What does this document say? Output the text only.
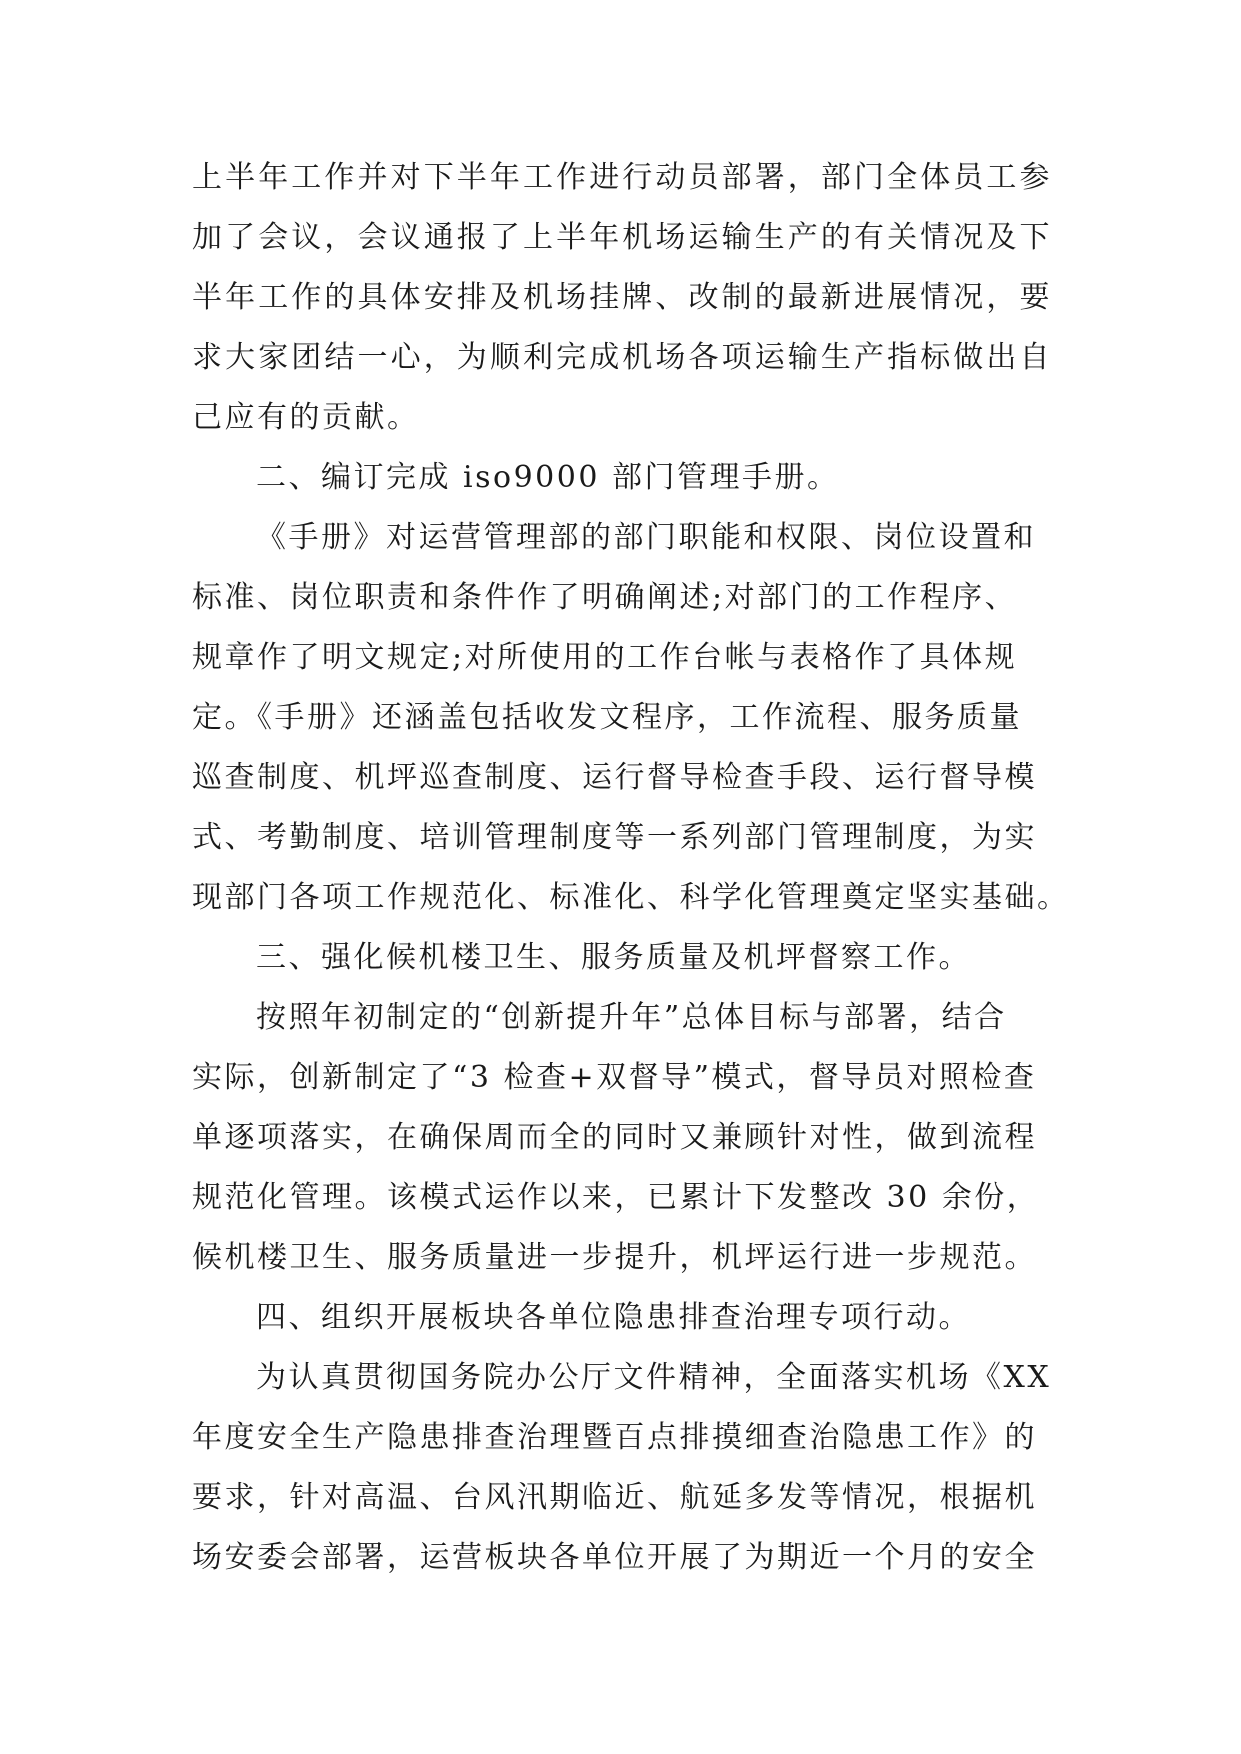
上半年工作并对下半年工作进行动员部署，部门全体员工参
加了会议，会议通报了上半年机场运输生产的有关情况及下
半年工作的具体安排及机场挂牌、改制的最新进展情况，要
求大家团结一心，为顺利完成机场各项运输生产指标做出自
己应有的贡献。
二、编订完成 iso9000 部门管理手册。
《手册》对运营管理部的部门职能和权限、岗位设置和
标准、岗位职责和条件作了明确阐述;对部门的工作程序、
规章作了明文规定;对所使用的工作台帐与表格作了具体规
定。《手册》还涵盖包括收发文程序，工作流程、服务质量
巡查制度、机坪巡查制度、运行督导检查手段、运行督导模
式、考勤制度、培训管理制度等一系列部门管理制度，为实
现部门各项工作规范化、标准化、科学化管理奠定坚实基础。
三、强化候机楼卫生、服务质量及机坪督察工作。
按照年初制定的“创新提升年”总体目标与部署，结合
实际，创新制定了“3 检查+双督导”模式，督导员对照检查
单逐项落实，在确保周而全的同时又兼顾针对性，做到流程
规范化管理。该模式运作以来，已累计下发整改 30 余份，
候机楼卫生、服务质量进一步提升，机坪运行进一步规范。
四、组织开展板块各单位隐患排查治理专项行动。
为认真贯彻国务院办公厅文件精神，全面落实机场《XX
年度安全生产隐患排查治理暨百点排摸细查治隐患工作》的
要求，针对高温、台风汛期临近、航延多发等情况，根据机
场安委会部署，运营板块各单位开展了为期近一个月的安全
